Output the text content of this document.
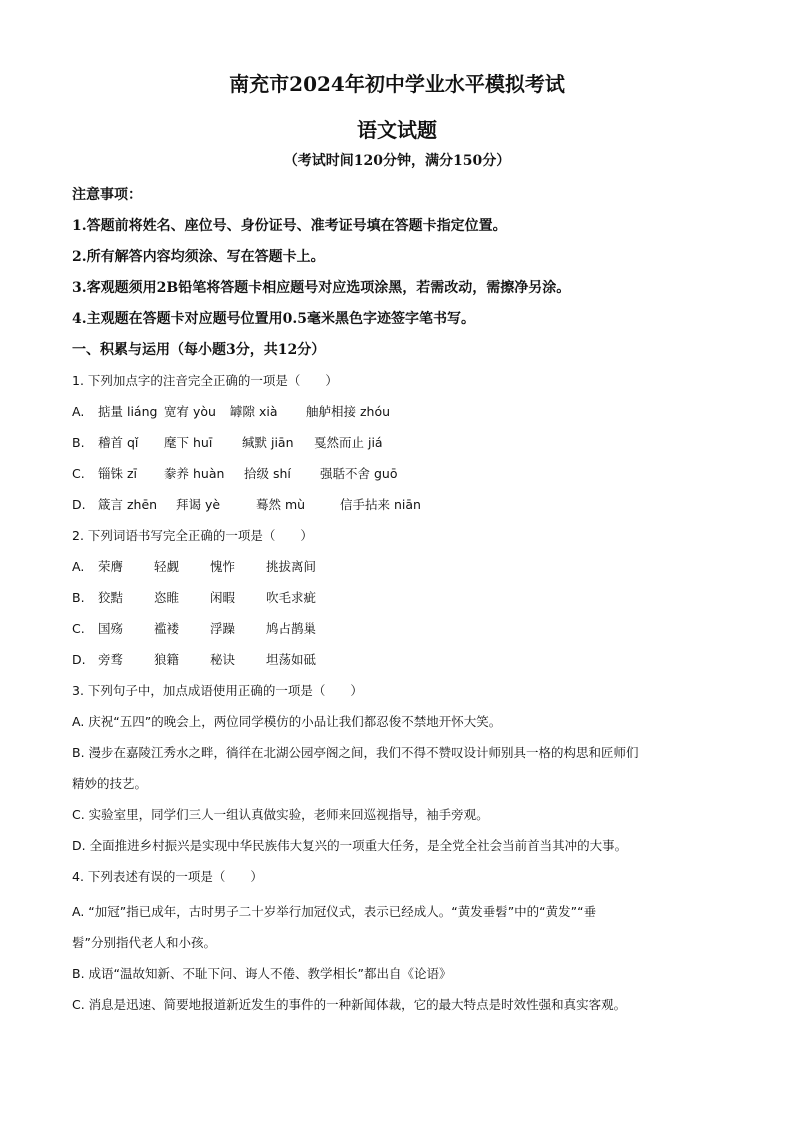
南充市2024年初中学业水平模拟考试
语文试题
（考试时间120分钟，满分150分）
注意事项：
1.答题前将姓名、座位号、身份证号、准考证号填在答题卡指定位置。
2.所有解答内容均须涂、写在答题卡上。
3.客观题须用2B铅笔将答题卡相应题号对应选项涂黑，若需改动，需擦净另涂。
4.主观题在答题卡对应题号位置用0.5毫米黑色字迹签字笔书写。
一、积累与运用（每小题3分，共12分）
1. 下列加点字的注音完全正确的一项是（　　）
A. 掂量 liáng 宽宥 yòu 罅隙 xià 舳舻相接 zhóu
B. 稽首 qǐ 麾下 huī 缄默 jiān 戛然而止 jiá
C. 锱铢 zī 豢养 huàn 拾级 shí 强聒不舍 guō
D. 箴言 zhēn 拜谒 yè	蓦然 mù	信手拈来 niān
2. 下列词语书写完全正确的一项是（　　）
A. 荣膺 轻觑 愧怍 挑拔离间
B. 狡黠 恣睢 闲暇 吹毛求疵
C. 国殇 褴褛 浮躁 鸠占鹊巢
D. 旁骛 狼籍 秘诀 坦荡如砥
3. 下列句子中，加点成语使用正确的一项是（　　）
A. 庆祝“五四”的晚会上，两位同学模仿的小品让我们都忍俊不禁地开怀大笑。
B. 漫步在嘉陵江秀水之畔，徜徉在北湖公园亭阁之间，我们不得不赞叹设计师别具一格的构思和匠师们
精妙的技艺。
C. 实验室里，同学们三人一组认真做实验，老师来回巡视指导，袖手旁观。
D. 全面推进乡村振兴是实现中华民族伟大复兴的一项重大任务，是全党全社会当前首当其冲的大事。
4. 下列表述有误的一项是（　　）
A. “加冠”指已成年，古时男子二十岁举行加冠仪式，表示已经成人。“黄发垂髫”中的“黄发”“垂
髫”分别指代老人和小孩。
B. 成语“温故知新、不耻下问、诲人不倦、教学相长”都出自《论语》
C. 消息是迅速、简要地报道新近发生的事件的一种新闻体裁，它的最大特点是时效性强和真实客观。
